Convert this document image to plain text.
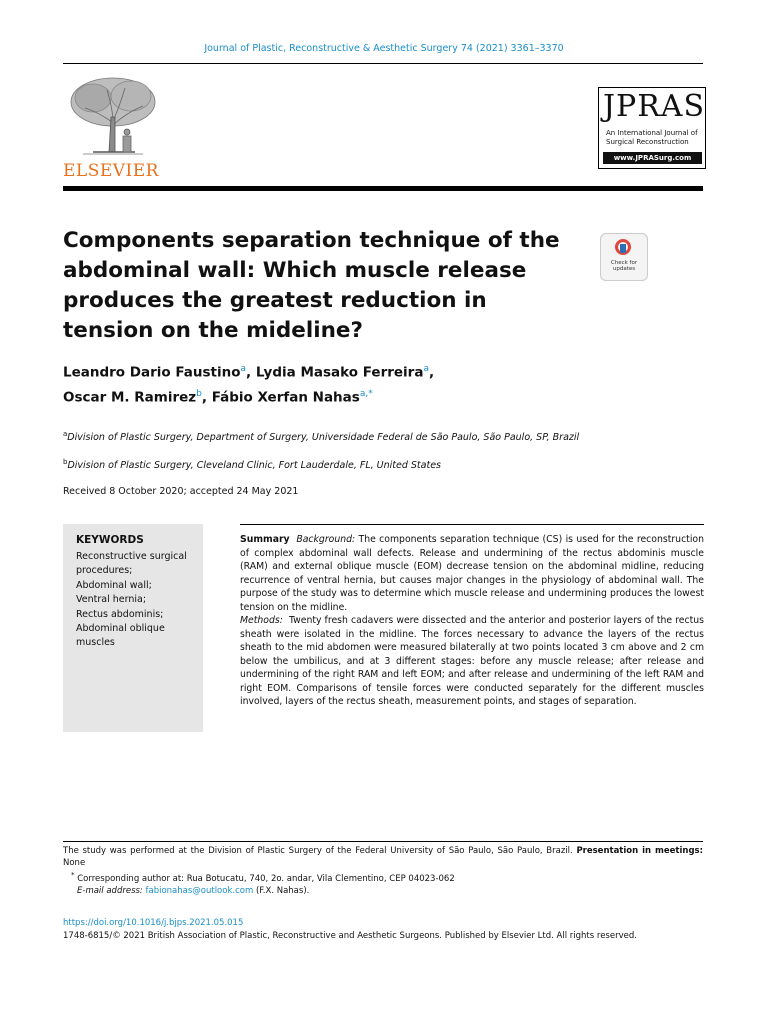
Journal of Plastic, Reconstructive & Aesthetic Surgery 74 (2021) 3361–3370
ELSEVIER
JPRAS
An International Journal of
Surgical Reconstruction
www.JPRASurg.com
Components separation technique of the abdominal wall: Which muscle release produces the greatest reduction in tension on the mideline?
Check for updates
Leandro Dario Faustino$^a$, Lydia Masako Ferreira$^a$,
Oscar M. Ramirez$^b$, Fábio Xerfan Nahas$^{a,*}$
$^a$Division of Plastic Surgery, Department of Surgery, Universidade Federal de São Paulo, São Paulo, SP, Brazil
$^b$Division of Plastic Surgery, Cleveland Clinic, Fort Lauderdale, FL, United States
Received 8 October 2020; accepted 24 May 2021
KEYWORDS
Reconstructive surgical procedures;
Abdominal wall;
Ventral hernia;
Rectus abdominis;
Abdominal oblique muscles

Summary Background: The components separation technique (CS) is used for the reconstruction of complex abdominal wall defects. Release and undermining of the rectus abdominis muscle (RAM) and external oblique muscle (EOM) decrease tension on the abdominal midline, reducing recurrence of ventral hernia, but causes major changes in the physiology of abdominal wall. The purpose of the study was to determine which muscle release and undermining produces the lowest tension on the midline.

Methods: Twenty fresh cadavers were dissected and the anterior and posterior layers of the rectus sheath were isolated in the midline. The forces necessary to advance the layers of the rectus sheath to the mid abdomen were measured bilaterally at two points located 3 cm above and 2 cm below the umbilicus, and at 3 different stages: before any muscle release; after release and undermining of the right RAM and left EOM; and after release and undermining of the left RAM and right EOM. Comparisons of tensile forces were conducted separately for the different muscles involved, layers of the rectus sheath, measurement points, and stages of separation.

The study was performed at the Division of Plastic Surgery of the Federal University of São Paulo, São Paulo, Brazil. Presentation in meetings: None

* Corresponding author at: Rua Botucatu, 740, 2o. andar, Vila Clementino, CEP 04023-062

E-mail address: fabionahas@outlook.com (F.X. Nahas).

https://doi.org/10.1016/j.bjps.2021.05.015
1748-6815/© 2021 British Association of Plastic, Reconstructive and Aesthetic Surgeons. Published by Elsevier Ltd. All rights reserved.
